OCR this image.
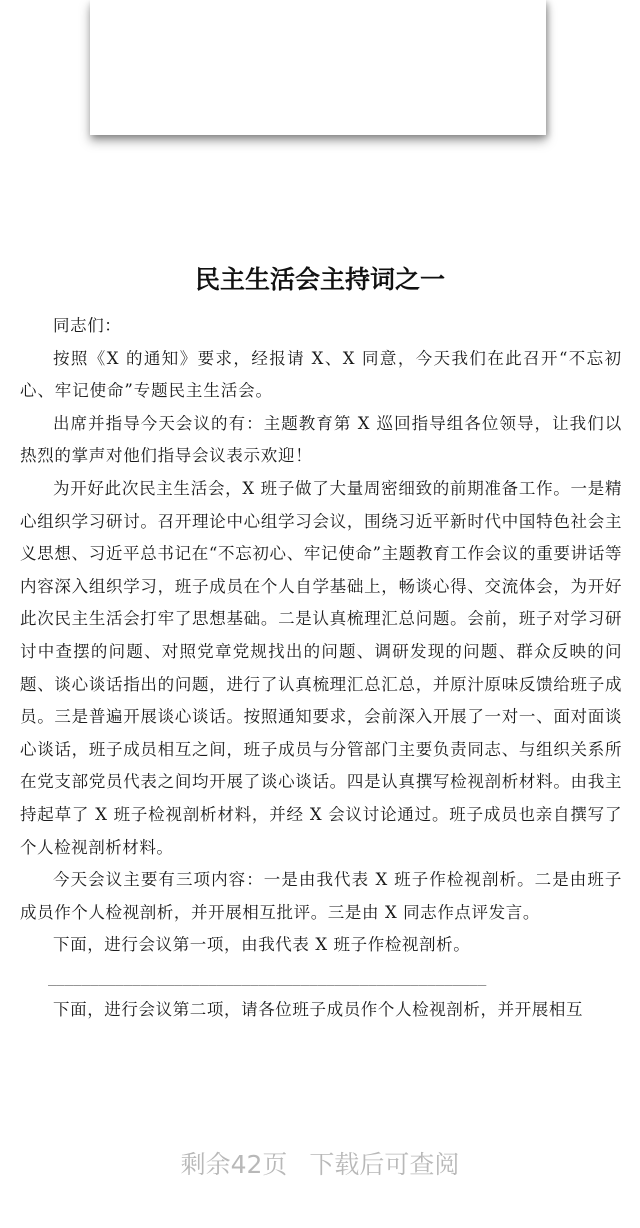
民主生活会主持词之一

同志们：

按照《X 的通知》要求，经报请 X、X 同意，今天我们在此召开“不忘初心、牢记使命”专题民主生活会。

出席并指导今天会议的有：主题教育第 X 巡回指导组各位领导，让我们以热烈的掌声对他们指导会议表示欢迎！

为开好此次民主生活会，X 班子做了大量周密细致的前期准备工作。一是精心组织学习研讨。召开理论中心组学习会议，围绕习近平新时代中国特色社会主义思想、习近平总书记在“不忘初心、牢记使命”主题教育工作会议的重要讲话等内容深入组织学习，班子成员在个人自学基础上，畅谈心得、交流体会，为开好此次民主生活会打牢了思想基础。二是认真梳理汇总问题。会前，班子对学习研讨中查摆的问题、对照党章党规找出的问题、调研发现的问题、群众反映的问题、谈心谈话指出的问题，进行了认真梳理汇总汇总，并原汁原味反馈给班子成员。三是普遍开展谈心谈话。按照通知要求，会前深入开展了一对一、面对面谈心谈话，班子成员相互之间，班子成员与分管部门主要负责同志、与组织关系所在党支部党员代表之间均开展了谈心谈话。四是认真撰写检视剖析材料。由我主持起草了 X 班子检视剖析材料，并经 X 会议讨论通过。班子成员也亲自撰写了个人检视剖析材料。

今天会议主要有三项内容：一是由我代表 X 班子作检视剖析。二是由班子成员作个人检视剖析，并开展相互批评。三是由 X 同志作点评发言。

下面，进行会议第一项，由我代表 X 班子作检视剖析。

____________________________________________________

下面，进行会议第二项，请各位班子成员作个人检视剖析，并开展相互

剩余42页 下载后可查阅
